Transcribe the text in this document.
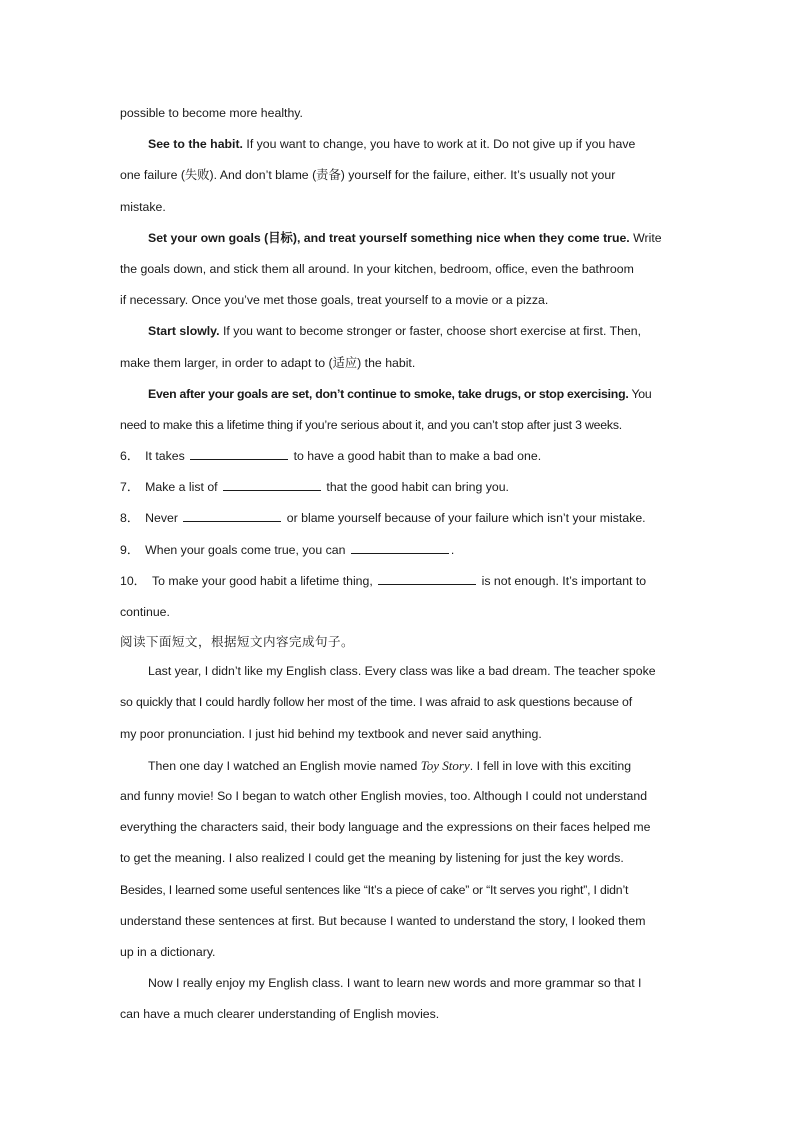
possible to become more healthy.

See to the habit. If you want to change, you have to work at it. Do not give up if you have

one failure (失败). And don’t blame (责备) yourself for the failure, either. It’s usually not your

mistake.

Set your own goals (目标), and treat yourself something nice when they come true. Write

the goals down, and stick them all around. In your kitchen, bedroom, office, even the bathroom

if necessary. Once you’ve met those goals, treat yourself to a movie or a pizza.

Start slowly. If you want to become stronger or faster, choose short exercise at first. Then,

make them larger, in order to adapt to (适应) the habit.

Even after your goals are set, don’t continue to smoke, take drugs, or stop exercising. You

need to make this a lifetime thing if you’re serious about it, and you can’t stop after just 3 weeks.

6． It takes	to have a good habit than to make a bad one.

7． Make a list of	that the good habit can bring you.

8． Never	or blame yourself because of your failure which isn’t your mistake.

9． When your goals come true, you can	.

10． To make your good habit a lifetime thing,	is not enough. It’s important to

continue.

阅读下面短文，根据短文内容完成句子。

Last year, I didn’t like my English class. Every class was like a bad dream. The teacher spoke

so quickly that I could hardly follow her most of the time. I was afraid to ask questions because of

my poor pronunciation. I just hid behind my textbook and never said anything.

Then one day I watched an English movie named Toy Story. I fell in love with this exciting

and funny movie! So I began to watch other English movies, too. Although I could not understand

everything the characters said, their body language and the expressions on their faces helped me

to get the meaning. I also realized I could get the meaning by listening for just the key words.

Besides, I learned some useful sentences like “It’s a piece of cake” or “It serves you right”, I didn’t

understand these sentences at first. But because I wanted to understand the story, I looked them

up in a dictionary.

Now I really enjoy my English class. I want to learn new words and more grammar so that I

can have a much clearer understanding of English movies.
